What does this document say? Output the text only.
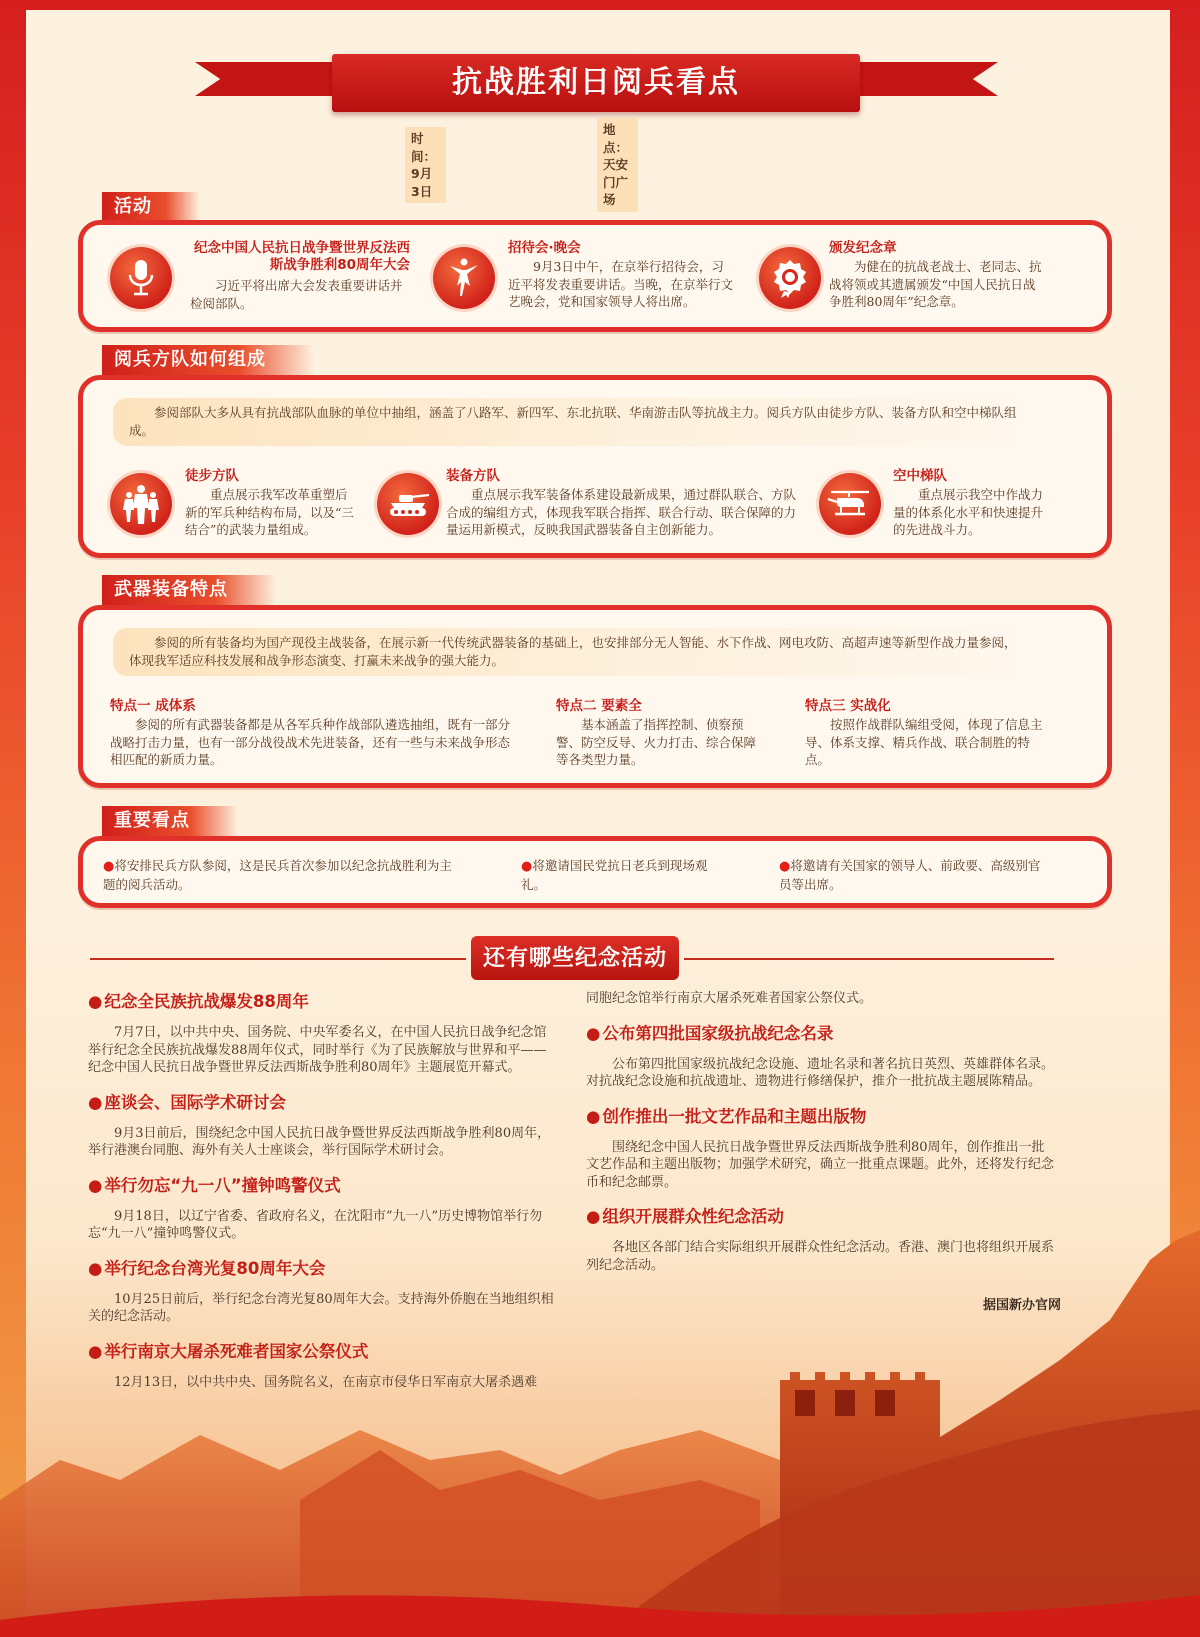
抗战胜利日阅兵看点
时间：9月3日
地点：天安门广场
活动
纪念中国人民抗日战争暨世界反法西斯战争胜利80周年大会
习近平将出席大会发表重要讲话并检阅部队。
招待会·晚会
9月3日中午，在京举行招待会，习近平将发表重要讲话。当晚，在京举行文艺晚会，党和国家领导人将出席。
颁发纪念章
为健在的抗战老战士、老同志、抗战将领或其遗属颁发“中国人民抗日战争胜利80周年”纪念章。
阅兵方队如何组成
参阅部队大多从具有抗战部队血脉的单位中抽组，涵盖了八路军、新四军、东北抗联、华南游击队等抗战主力。阅兵方队由徒步方队、装备方队和空中梯队组成。
徒步方队
重点展示我军改革重塑后新的军兵种结构布局，以及“三结合”的武装力量组成。
装备方队
重点展示我军装备体系建设最新成果，通过群队联合、方队合成的编组方式，体现我军联合指挥、联合行动、联合保障的力量运用新模式，反映我国武器装备自主创新能力。
空中梯队
重点展示我空中作战力量的体系化水平和快速提升的先进战斗力。
武器装备特点
参阅的所有装备均为国产现役主战装备，在展示新一代传统武器装备的基础上，也安排部分无人智能、水下作战、网电攻防、高超声速等新型作战力量参阅，体现我军适应科技发展和战争形态演变、打赢未来战争的强大能力。
特点一 成体系
参阅的所有武器装备都是从各军兵种作战部队遴选抽组，既有一部分战略打击力量，也有一部分战役战术先进装备，还有一些与未来战争形态相匹配的新质力量。
特点二 要素全
基本涵盖了指挥控制、侦察预警、防空反导、火力打击、综合保障等各类型力量。
特点三 实战化
按照作战群队编组受阅，体现了信息主导、体系支撑、精兵作战、联合制胜的特点。
重要看点
●将安排民兵方队参阅，这是民兵首次参加以纪念抗战胜利为主题的阅兵活动。
●将邀请国民党抗日老兵到现场观礼。
●将邀请有关国家的领导人、前政要、高级别官员等出席。
还有哪些纪念活动

● 纪念全民族抗战爆发88周年

7月7日，以中共中央、国务院、中央军委名义，在中国人民抗日战争纪念馆举行纪念全民族抗战爆发88周年仪式，同时举行《为了民族解放与世界和平——纪念中国人民抗日战争暨世界反法西斯战争胜利80周年》主题展览开幕式。

● 座谈会、国际学术研讨会

9月3日前后，围绕纪念中国人民抗日战争暨世界反法西斯战争胜利80周年，举行港澳台同胞、海外有关人士座谈会，举行国际学术研讨会。

● 举行勿忘“九一八”撞钟鸣警仪式

9月18日，以辽宁省委、省政府名义，在沈阳市“九一八”历史博物馆举行勿忘“九一八”撞钟鸣警仪式。

● 举行纪念台湾光复80周年大会

10月25日前后，举行纪念台湾光复80周年大会。支持海外侨胞在当地组织相关的纪念活动。

● 举行南京大屠杀死难者国家公祭仪式

12月13日，以中共中央、国务院名义，在南京市侵华日军南京大屠杀遇难

同胞纪念馆举行南京大屠杀死难者国家公祭仪式。

● 公布第四批国家级抗战纪念名录

公布第四批国家级抗战纪念设施、遗址名录和著名抗日英烈、英雄群体名录。对抗战纪念设施和抗战遗址、遗物进行修缮保护，推介一批抗战主题展陈精品。

● 创作推出一批文艺作品和主题出版物

围绕纪念中国人民抗日战争暨世界反法西斯战争胜利80周年，创作推出一批文艺作品和主题出版物；加强学术研究，确立一批重点课题。此外，还将发行纪念币和纪念邮票。

● 组织开展群众性纪念活动

各地区各部门结合实际组织开展群众性纪念活动。香港、澳门也将组织开展系列纪念活动。

据国新办官网
